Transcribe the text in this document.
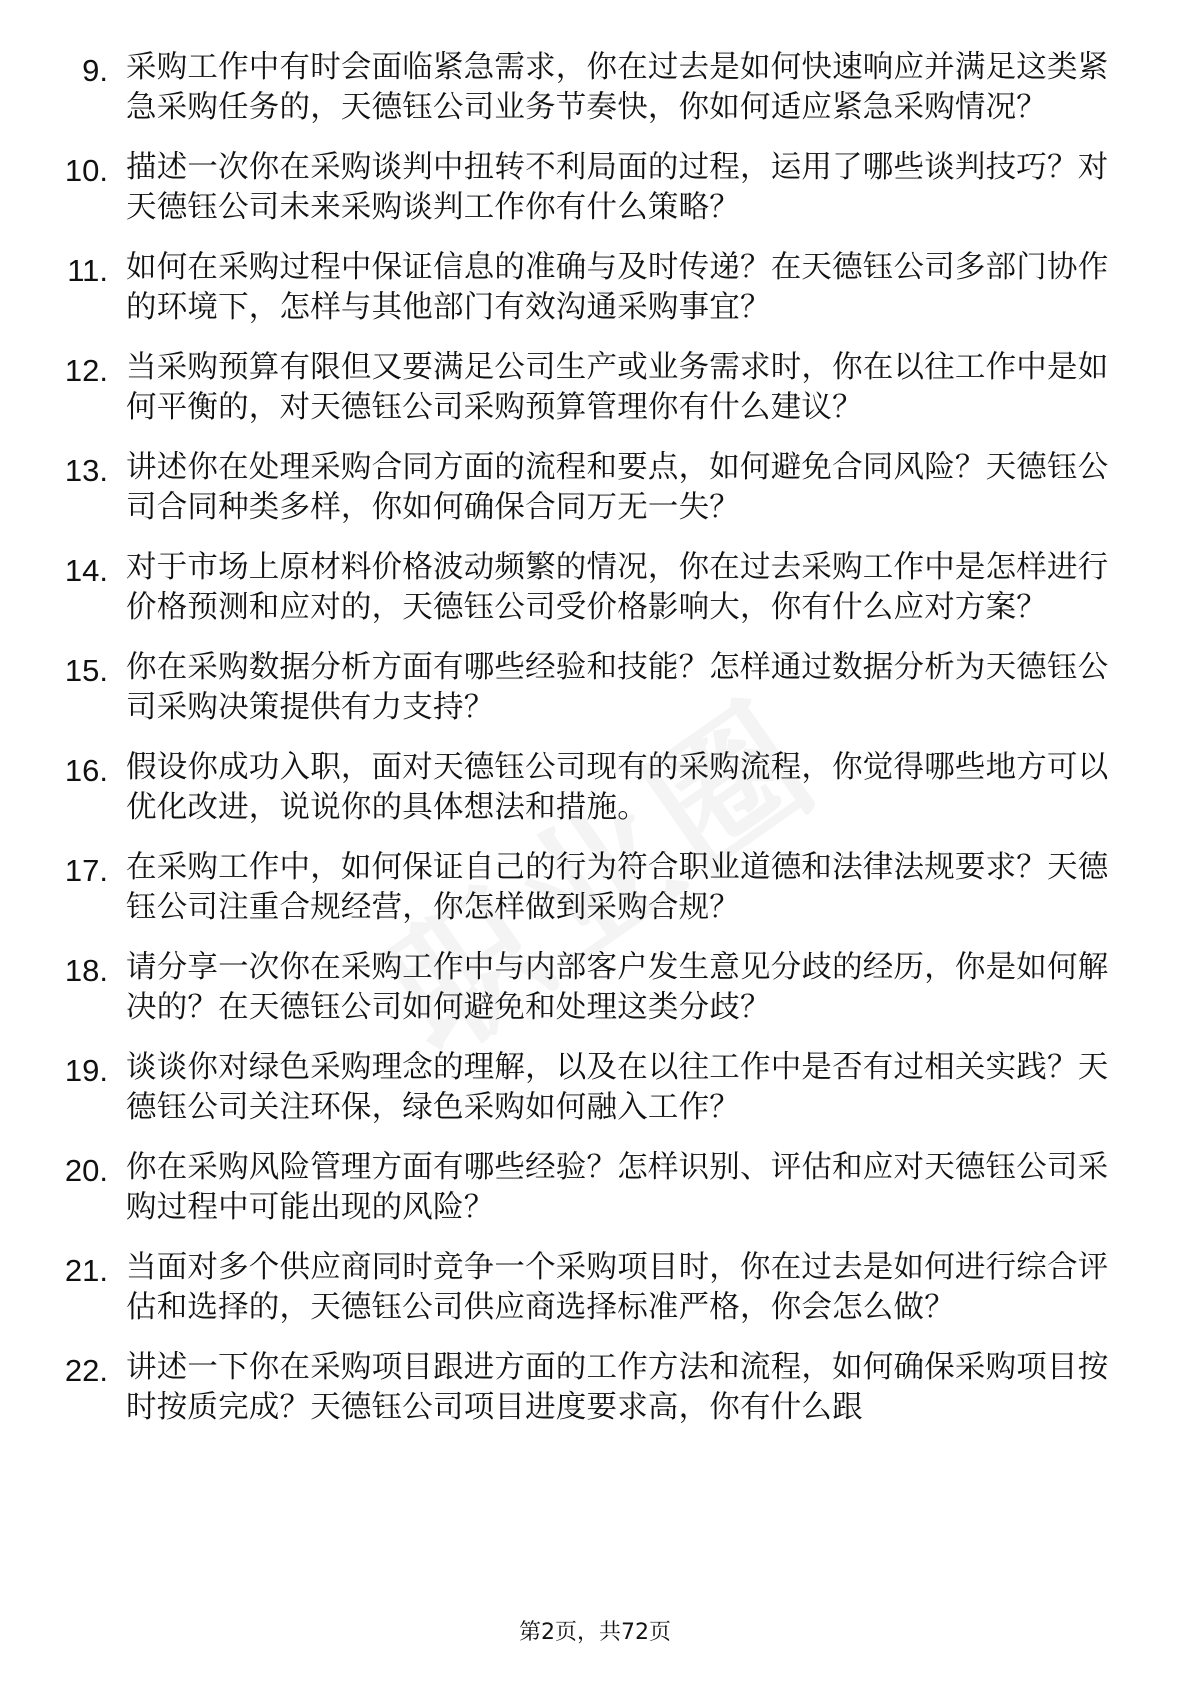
9. 采购工作中有时会面临紧急需求，你在过去是如何快速响应并满足这类紧急采购任务的，天德钰公司业务节奏快，你如何适应紧急采购情况？
10. 描述一次你在采购谈判中扭转不利局面的过程，运用了哪些谈判技巧？对天德钰公司未来采购谈判工作你有什么策略？
11. 如何在采购过程中保证信息的准确与及时传递？在天德钰公司多部门协作的环境下，怎样与其他部门有效沟通采购事宜？
12. 当采购预算有限但又要满足公司生产或业务需求时，你在以往工作中是如何平衡的，对天德钰公司采购预算管理你有什么建议？
13. 讲述你在处理采购合同方面的流程和要点，如何避免合同风险？天德钰公司合同种类多样，你如何确保合同万无一失？
14. 对于市场上原材料价格波动频繁的情况，你在过去采购工作中是怎样进行价格预测和应对的，天德钰公司受价格影响大，你有什么应对方案？
15. 你在采购数据分析方面有哪些经验和技能？怎样通过数据分析为天德钰公司采购决策提供有力支持？
16. 假设你成功入职，面对天德钰公司现有的采购流程，你觉得哪些地方可以优化改进，说说你的具体想法和措施。
17. 在采购工作中，如何保证自己的行为符合职业道德和法律法规要求？天德钰公司注重合规经营，你怎样做到采购合规？
18. 请分享一次你在采购工作中与内部客户发生意见分歧的经历，你是如何解决的？在天德钰公司如何避免和处理这类分歧？
19. 谈谈你对绿色采购理念的理解，以及在以往工作中是否有过相关实践？天德钰公司关注环保，绿色采购如何融入工作？
20. 你在采购风险管理方面有哪些经验？怎样识别、评估和应对天德钰公司采购过程中可能出现的风险？
21. 当面对多个供应商同时竞争一个采购项目时，你在过去是如何进行综合评估和选择的，天德钰公司供应商选择标准严格，你会怎么做？
22. 讲述一下你在采购项目跟进方面的工作方法和流程，如何确保采购项目按时按质完成？天德钰公司项目进度要求高，你有什么跟
第2页，共72页
